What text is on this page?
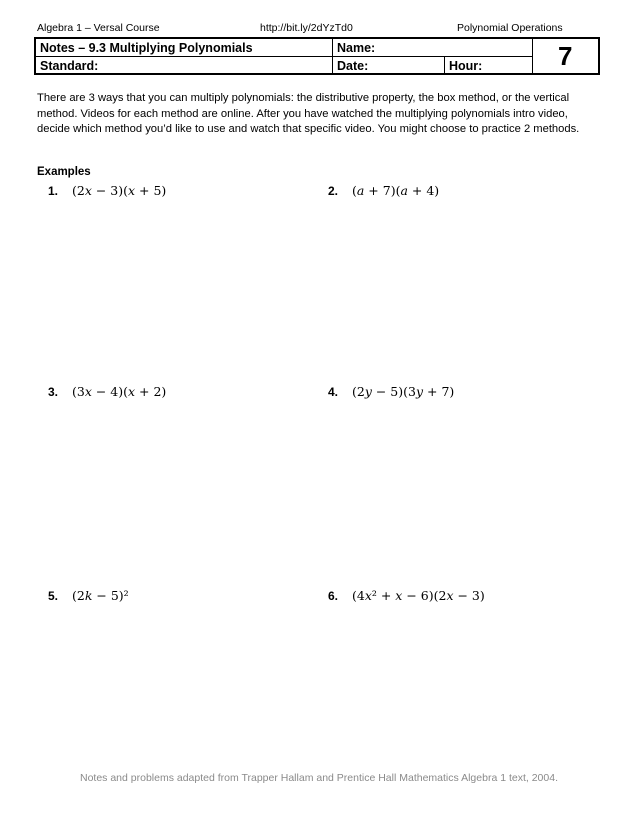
Algebra 1 – Versal Course	http://bit.ly/2dYzTd0	Polynomial Operations
Notes – 9.3 Multiplying Polynomials	Name:
Standard:	Date:	Hour:	7

There are 3 ways that you can multiply polynomials: the distributive property, the box method, or the vertical method. Videos for each method are online. After you have watched the multiplying polynomials intro video, decide which method you’d like to use and watch that specific video. You might choose to practice 2 methods.

Examples
1. (2𝑥 − 3)(𝑥 + 5)	2. (𝑎 + 7)(𝑎 + 4)
3. (3𝑥 − 4)(𝑥 + 2)	4. (2𝑦 − 5)(3𝑦 + 7)
5. (2𝑘 − 5)²	6. (4𝑥² + 𝑥 − 6)(2𝑥 − 3)
Notes and problems adapted from Trapper Hallam and Prentice Hall Mathematics Algebra 1 text, 2004.
